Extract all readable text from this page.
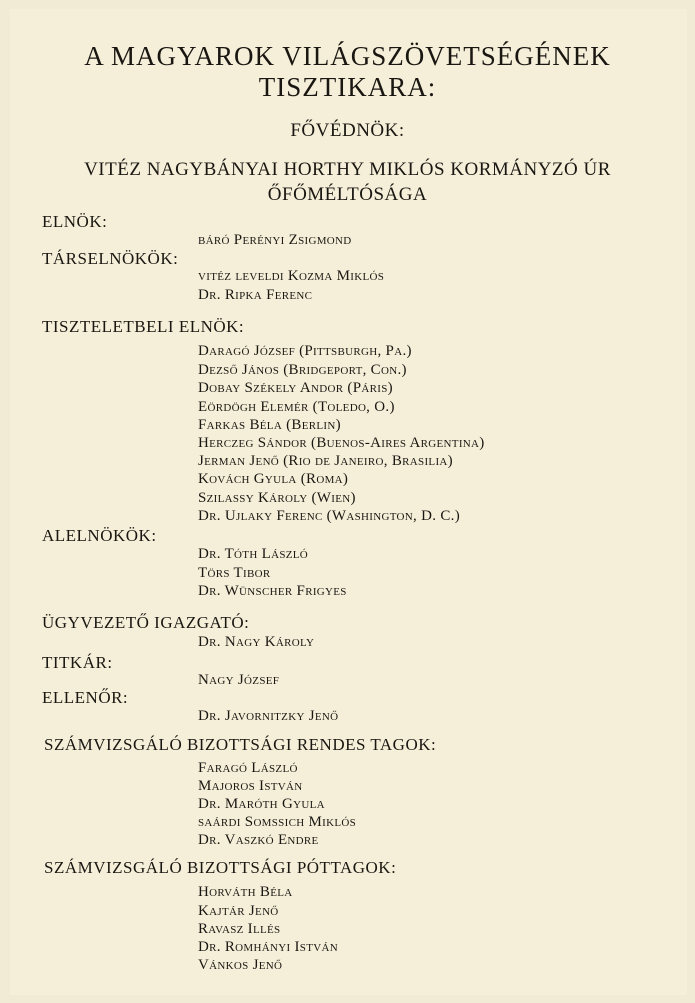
A MAGYAROK VILÁGSZÖVETSÉGÉNEK
TISZTIKARA:
FŐVÉDNÖK:
VITÉZ NAGYBÁNYAI HORTHY MIKLÓS KORMÁNYZÓ ÚR
ŐFŐMÉLTÓSÁGA
ELNÖK:
báró Perényi Zsigmond
TÁRSELNÖKÖK:
vitéz leveldi Kozma Miklós
Dr. Ripka Ferenc
TISZTELETBELI ELNÖK:
Daragó József (Pittsburgh, Pa.)
Dezső János (Bridgeport, Con.)
Dobay Székely Andor (Páris)
Eördögh Elemér (Toledo, O.)
Farkas Béla (Berlin)
Herczeg Sándor (Buenos-Aires Argentina)
Jerman Jenő (Rio de Janeiro, Brasilia)
Kovách Gyula (Roma)
Szilassy Károly (Wien)
Dr. Ujlaky Ferenc (Washington, D. C.)
ALELNÖKÖK:
Dr. Tóth László
Törs Tibor
Dr. Wünscher Frigyes
ÜGYVEZETŐ IGAZGATÓ:
Dr. Nagy Károly
TITKÁR:
Nagy József
ELLENŐR:
Dr. Javornitzky Jenő
SZÁMVIZSGÁLÓ BIZOTTSÁGI RENDES TAGOK:
Faragó László
Majoros István
Dr. Maróth Gyula
saárdi Somssich Miklós
Dr. Vaszkó Endre
SZÁMVIZSGÁLÓ BIZOTTSÁGI PÓTTAGOK:
Horváth Béla
Kajtár Jenő
Ravasz Illés
Dr. Romhányi István
Vánkos Jenő
